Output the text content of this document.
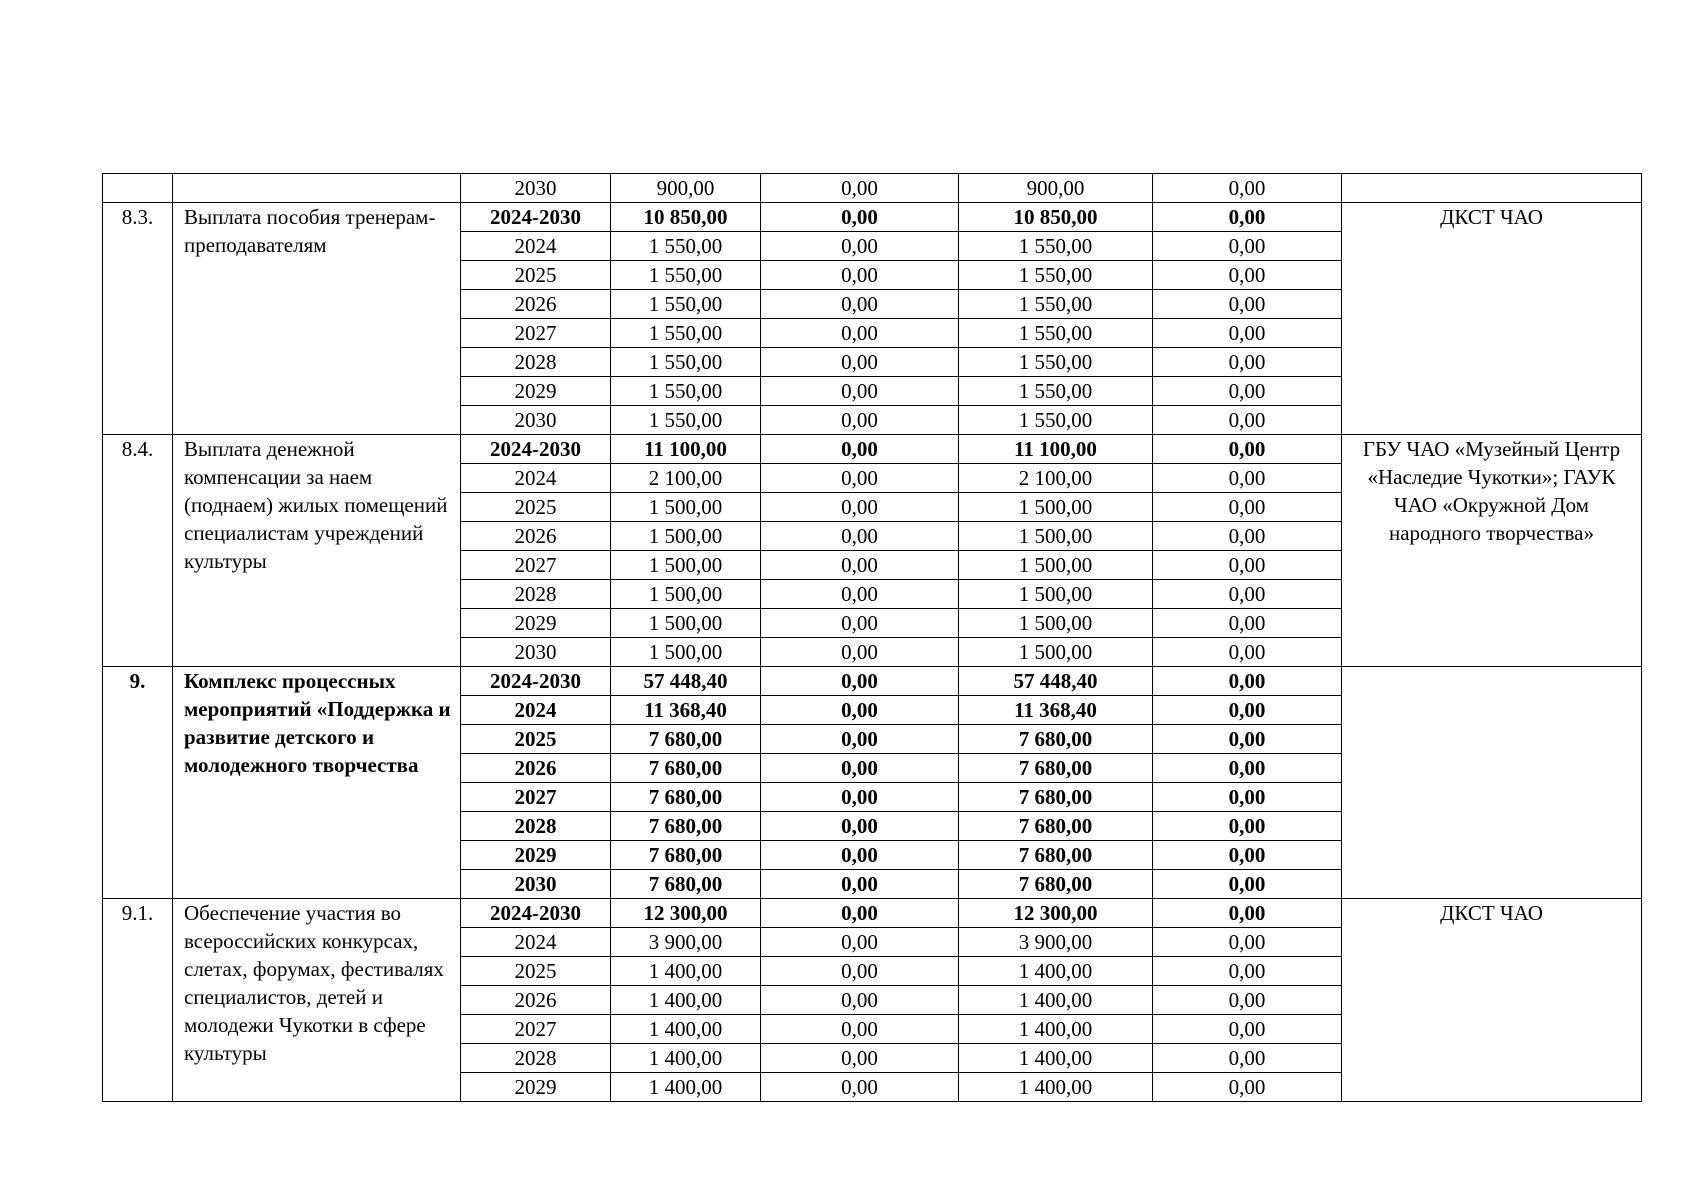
		2030	900,00	0,00	900,00	0,00	
8.3.	Выплата пособия тренерам-преподавателям	2024-2030	10 850,00	0,00	10 850,00	0,00	ДКСТ ЧАО
		2024	1 550,00	0,00	1 550,00	0,00	
		2025	1 550,00	0,00	1 550,00	0,00	
		2026	1 550,00	0,00	1 550,00	0,00	
		2027	1 550,00	0,00	1 550,00	0,00	
		2028	1 550,00	0,00	1 550,00	0,00	
		2029	1 550,00	0,00	1 550,00	0,00	
		2030	1 550,00	0,00	1 550,00	0,00	
8.4.	Выплата денежной компенсации за наем (поднаем) жилых помещений специалистам учреждений культуры	2024-2030	11 100,00	0,00	11 100,00	0,00	ГБУ ЧАО «Музейный Центр «Наследие Чукотки»; ГАУК ЧАО «Окружной Дом народного творчества»
		2024	2 100,00	0,00	2 100,00	0,00	
		2025	1 500,00	0,00	1 500,00	0,00	
		2026	1 500,00	0,00	1 500,00	0,00	
		2027	1 500,00	0,00	1 500,00	0,00	
		2028	1 500,00	0,00	1 500,00	0,00	
		2029	1 500,00	0,00	1 500,00	0,00	
		2030	1 500,00	0,00	1 500,00	0,00	
9.	Комплекс процессных мероприятий «Поддержка и развитие детского и молодежного творчества	2024-2030	57 448,40	0,00	57 448,40	0,00	
		2024	11 368,40	0,00	11 368,40	0,00	
		2025	7 680,00	0,00	7 680,00	0,00	
		2026	7 680,00	0,00	7 680,00	0,00	
		2027	7 680,00	0,00	7 680,00	0,00	
		2028	7 680,00	0,00	7 680,00	0,00	
		2029	7 680,00	0,00	7 680,00	0,00	
		2030	7 680,00	0,00	7 680,00	0,00	
9.1.	Обеспечение участия во всероссийских конкурсах, слетах, форумах, фестивалях специалистов, детей и молодежи Чукотки в сфере культуры	2024-2030	12 300,00	0,00	12 300,00	0,00	ДКСТ ЧАО
		2024	3 900,00	0,00	3 900,00	0,00	
		2025	1 400,00	0,00	1 400,00	0,00	
		2026	1 400,00	0,00	1 400,00	0,00	
		2027	1 400,00	0,00	1 400,00	0,00	
		2028	1 400,00	0,00	1 400,00	0,00	
		2029	1 400,00	0,00	1 400,00	0,00	
